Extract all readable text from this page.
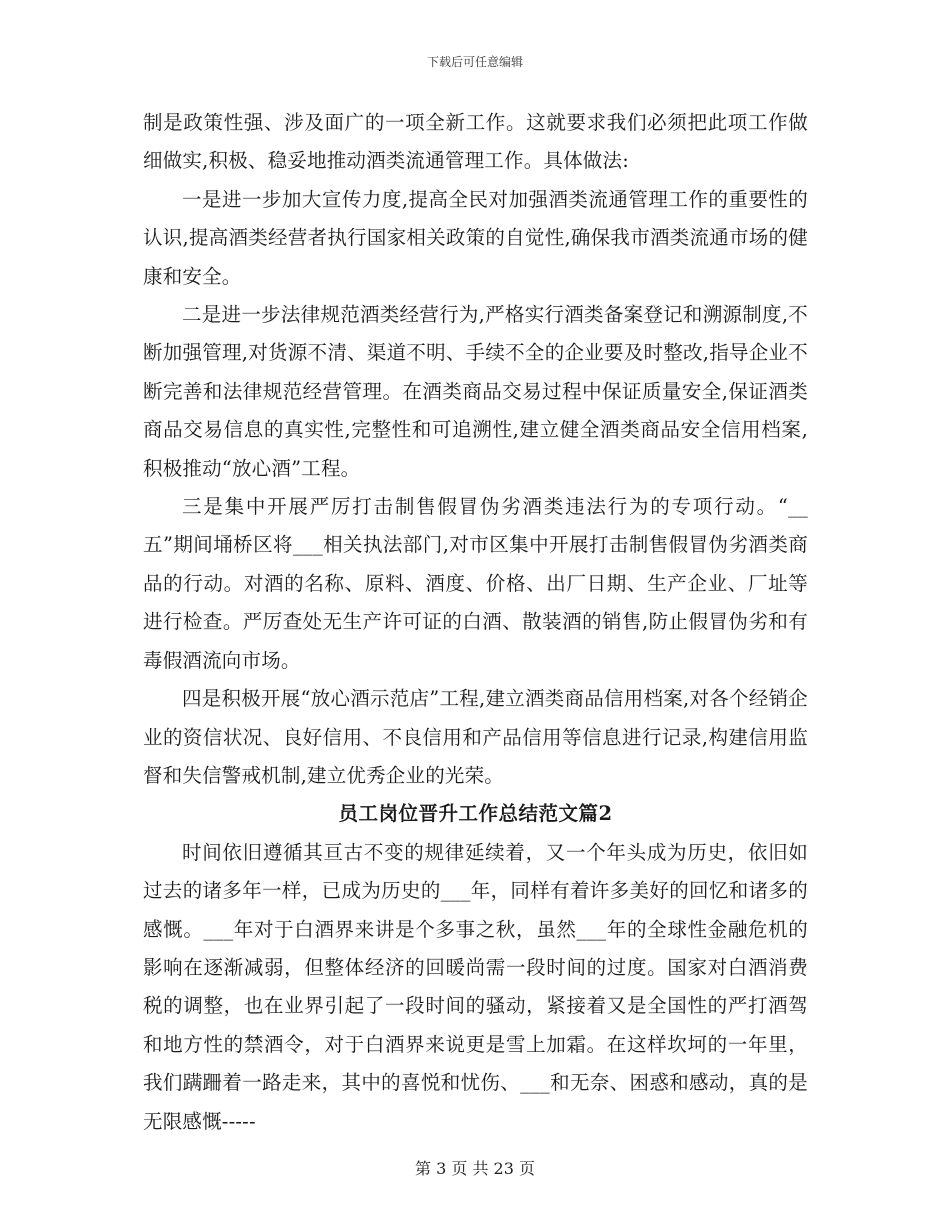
下载后可任意编辑

制是政策性强、涉及面广的一项全新工作。这就要求我们必须把此项工作做细做实,积极、稳妥地推动酒类流通管理工作。具体做法:

一是进一步加大宣传力度,提高全民对加强酒类流通管理工作的重要性的认识,提高酒类经营者执行国家相关政策的自觉性,确保我市酒类流通市场的健康和安全。

二是进一步法律规范酒类经营行为,严格实行酒类备案登记和溯源制度,不断加强管理,对货源不清、渠道不明、手续不全的企业要及时整改,指导企业不断完善和法律规范经营管理。在酒类商品交易过程中保证质量安全,保证酒类商品交易信息的真实性,完整性和可追溯性,建立健全酒类商品安全信用档案,积极推动“放心酒”工程。

三是集中开展严厉打击制售假冒伪劣酒类违法行为的专项行动。“__五”期间埇桥区将___相关执法部门,对市区集中开展打击制售假冒伪劣酒类商品的行动。对酒的名称、原料、酒度、价格、出厂日期、生产企业、厂址等进行检查。严厉查处无生产许可证的白酒、散装酒的销售,防止假冒伪劣和有毒假酒流向市场。

四是积极开展“放心酒示范店”工程,建立酒类商品信用档案,对各个经销企业的资信状况、良好信用、不良信用和产品信用等信息进行记录,构建信用监督和失信警戒机制,建立优秀企业的光荣。

员工岗位晋升工作总结范文篇2

时间依旧遵循其亘古不变的规律延续着，又一个年头成为历史，依旧如过去的诸多年一样，已成为历史的___年，同样有着许多美好的回忆和诸多的感慨。___年对于白酒界来讲是个多事之秋，虽然___年的全球性金融危机的影响在逐渐减弱，但整体经济的回暖尚需一段时间的过度。国家对白酒消费税的调整，也在业界引起了一段时间的骚动，紧接着又是全国性的严打酒驾和地方性的禁酒令，对于白酒界来说更是雪上加霜。在这样坎坷的一年里，我们蹒跚着一路走来，其中的喜悦和忧伤、___和无奈、困惑和感动，真的是无限感慨-----

第 3 页 共 23 页
